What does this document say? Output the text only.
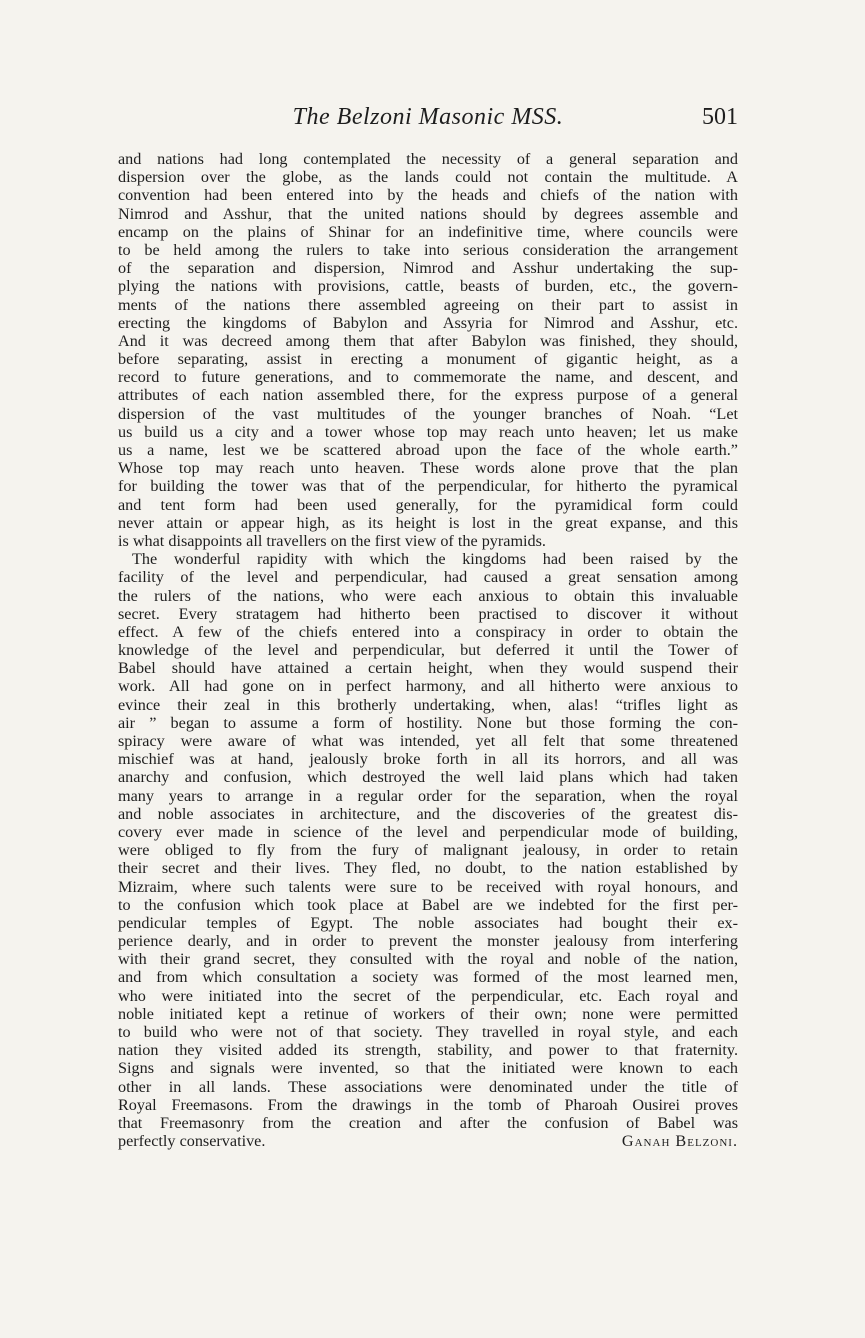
The Belzoni Masonic MSS.	501
and nations had long contemplated the necessity of a general separation and
dispersion over the globe, as the lands could not contain the multitude. A
convention had been entered into by the heads and chiefs of the nation with
Nimrod and Asshur, that the united nations should by degrees assemble and
encamp on the plains of Shinar for an indefinitive time, where councils were
to be held among the rulers to take into serious consideration the arrangement
of the separation and dispersion, Nimrod and Asshur undertaking the sup-
plying the nations with provisions, cattle, beasts of burden, etc., the govern-
ments of the nations there assembled agreeing on their part to assist in
erecting the kingdoms of Babylon and Assyria for Nimrod and Asshur, etc.
And it was decreed among them that after Babylon was finished, they should,
before separating, assist in erecting a monument of gigantic height, as a
record to future generations, and to commemorate the name, and descent, and
attributes of each nation assembled there, for the express purpose of a general
dispersion of the vast multitudes of the younger branches of Noah. “Let
us build us a city and a tower whose top may reach unto heaven; let us make
us a name, lest we be scattered abroad upon the face of the whole earth.”
Whose top may reach unto heaven. These words alone prove that the plan
for building the tower was that of the perpendicular, for hitherto the pyramical
and tent form had been used generally, for the pyramidical form could
never attain or appear high, as its height is lost in the great expanse, and this
is what disappoints all travellers on the first view of the pyramids.
The wonderful rapidity with which the kingdoms had been raised by the
facility of the level and perpendicular, had caused a great sensation among
the rulers of the nations, who were each anxious to obtain this invaluable
secret. Every stratagem had hitherto been practised to discover it without
effect. A few of the chiefs entered into a conspiracy in order to obtain the
knowledge of the level and perpendicular, but deferred it until the Tower of
Babel should have attained a certain height, when they would suspend their
work. All had gone on in perfect harmony, and all hitherto were anxious to
evince their zeal in this brotherly undertaking, when, alas! “trifles light as
air ” began to assume a form of hostility. None but those forming the con-
spiracy were aware of what was intended, yet all felt that some threatened
mischief was at hand, jealously broke forth in all its horrors, and all was
anarchy and confusion, which destroyed the well laid plans which had taken
many years to arrange in a regular order for the separation, when the royal
and noble associates in architecture, and the discoveries of the greatest dis-
covery ever made in science of the level and perpendicular mode of building,
were obliged to fly from the fury of malignant jealousy, in order to retain
their secret and their lives. They fled, no doubt, to the nation established by
Mizraim, where such talents were sure to be received with royal honours, and
to the confusion which took place at Babel are we indebted for the first per-
pendicular temples of Egypt. The noble associates had bought their ex-
perience dearly, and in order to prevent the monster jealousy from interfering
with their grand secret, they consulted with the royal and noble of the nation,
and from which consultation a society was formed of the most learned men,
who were initiated into the secret of the perpendicular, etc. Each royal and
noble initiated kept a retinue of workers of their own; none were permitted
to build who were not of that society. They travelled in royal style, and each
nation they visited added its strength, stability, and power to that fraternity.
Signs and signals were invented, so that the initiated were known to each
other in all lands. These associations were denominated under the title of
Royal Freemasons. From the drawings in the tomb of Pharoah Ousirei proves
that Freemasonry from the creation and after the confusion of Babel was
perfectly conservative.	Ganah Belzoni.
